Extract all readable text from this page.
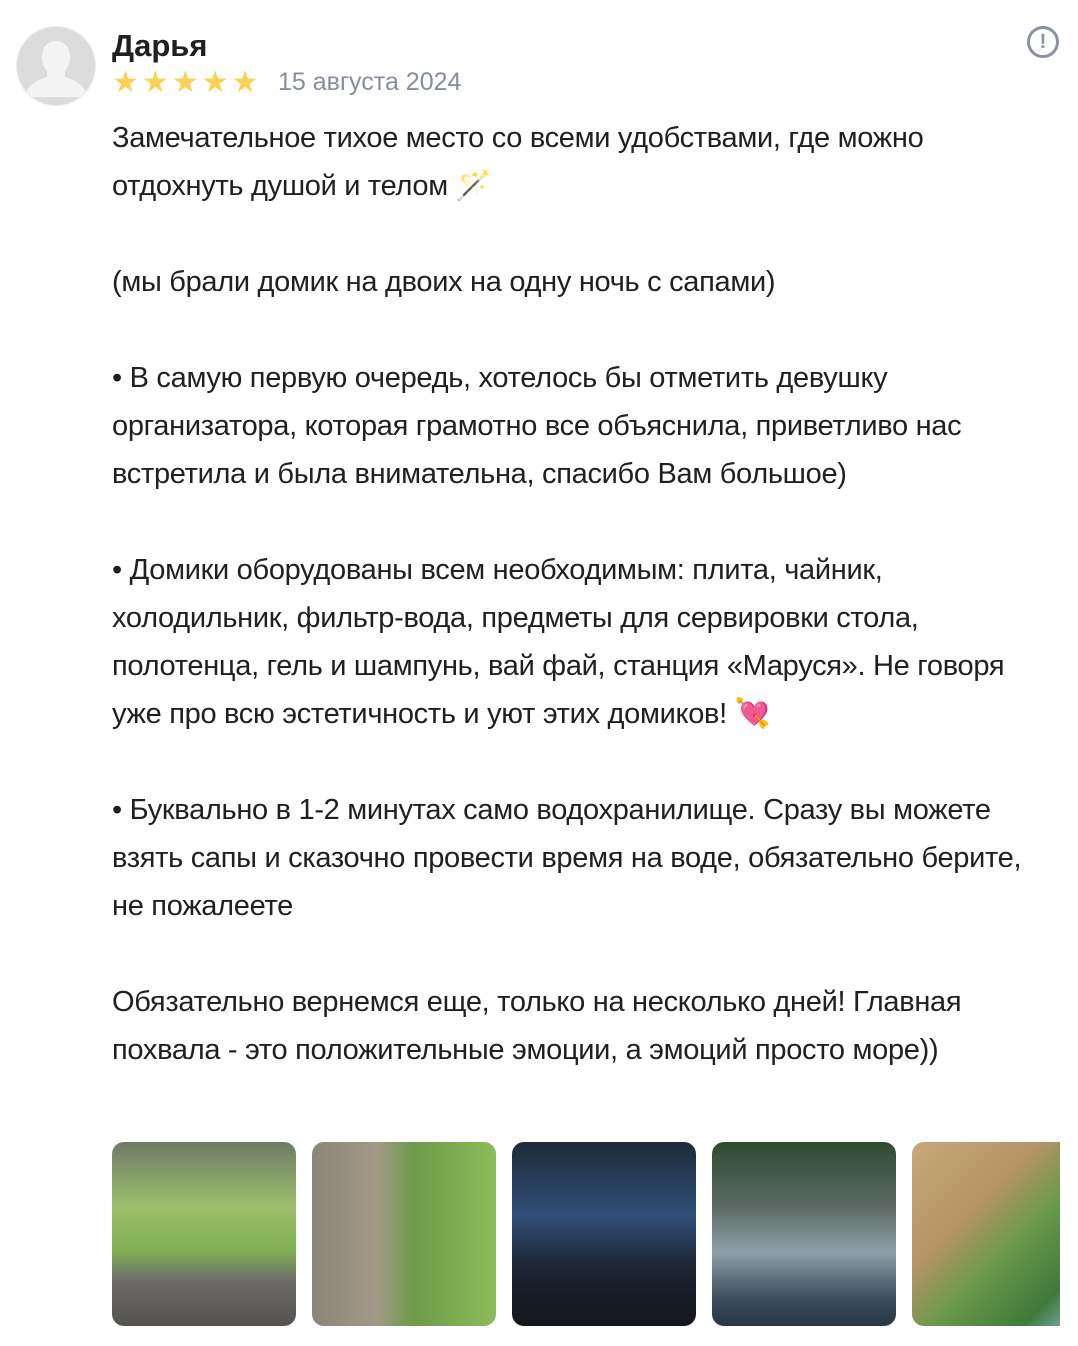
Дарья
★ ★ ★ ★ ★ 15 августа 2024
!

Замечательное тихое место со всеми удобствами, где можно отдохнуть душой и телом 🪄

(мы брали домик на двоих на одну ночь с сапами)

• В самую первую очередь, хотелось бы отметить девушку организатора, которая грамотно все объяснила, приветливо нас встретила и была внимательна, спасибо Вам большое)

• Домики оборудованы всем необходимым: плита, чайник, холодильник, фильтр-вода, предметы для сервировки стола, полотенца, гель и шампунь, вай фай, станция «Маруся». Не говоря уже про всю эстетичность и уют этих домиков! 💘

• Буквально в 1-2 минутах само водохранилище. Сразу вы можете взять сапы и сказочно провести время на воде, обязательно берите, не пожалеете

Обязательно вернемся еще, только на несколько дней! Главная похвала - это положительные эмоции, а эмоций просто море))
